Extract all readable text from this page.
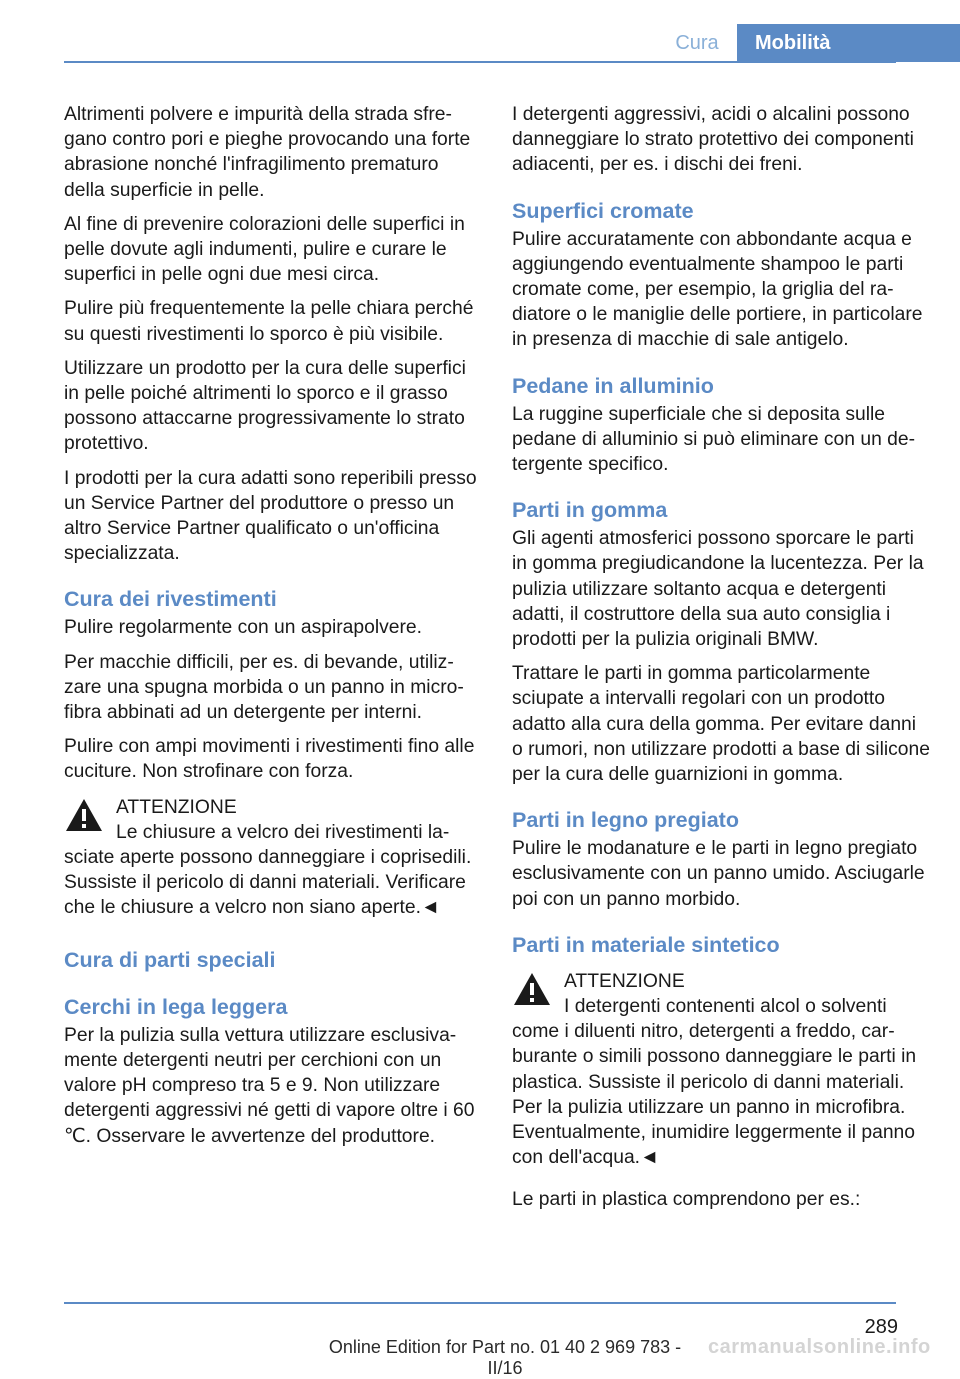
Cura	Mobilità

Altrimenti polvere e impurità della strada sfregano contro pori e pieghe provocando una forte abrasione nonché l'infragilimento prematuro della superficie in pelle.

Al fine di prevenire colorazioni delle superfici in pelle dovute agli indumenti, pulire e curare le superfici in pelle ogni due mesi circa.

Pulire più frequentemente la pelle chiara perché su questi rivestimenti lo sporco è più visibile.

Utilizzare un prodotto per la cura delle superfici in pelle poiché altrimenti lo sporco e il grasso possono attaccarne progressivamente lo strato protettivo.

I prodotti per la cura adatti sono reperibili presso un Service Partner del produttore o presso un altro Service Partner qualificato o un'officina specializzata.

Cura dei rivestimenti

Pulire regolarmente con un aspirapolvere.

Per macchie difficili, per es. di bevande, utilizzare una spugna morbida o un panno in microfibra abbinati ad un detergente per interni.

Pulire con ampi movimenti i rivestimenti fino alle cuciture. Non strofinare con forza.

ATTENZIONE

Le chiusure a velcro dei rivestimenti lasciate aperte possono danneggiare i coprisedili. Sussiste il pericolo di danni materiali. Verificare che le chiusure a velcro non siano aperte.◄

Cura di parti speciali
Cerchi in lega leggera

Per la pulizia sulla vettura utilizzare esclusivamente detergenti neutri per cerchioni con un valore pH compreso tra 5 e 9. Non utilizzare detergenti aggressivi né getti di vapore oltre i 60 ℃. Osservare le avvertenze del produttore.

I detergenti aggressivi, acidi o alcalini possono danneggiare lo strato protettivo dei componenti adiacenti, per es. i dischi dei freni.

Superfici cromate

Pulire accuratamente con abbondante acqua e aggiungendo eventualmente shampoo le parti cromate come, per esempio, la griglia del radiatore o le maniglie delle portiere, in particolare in presenza di macchie di sale antigelo.

Pedane in alluminio

La ruggine superficiale che si deposita sulle pedane di alluminio si può eliminare con un detergente specifico.

Parti in gomma

Gli agenti atmosferici possono sporcare le parti in gomma pregiudicandone la lucentezza. Per la pulizia utilizzare soltanto acqua e detergenti adatti, il costruttore della sua auto consiglia i prodotti per la pulizia originali BMW.

Trattare le parti in gomma particolarmente sciupate a intervalli regolari con un prodotto adatto alla cura della gomma. Per evitare danni o rumori, non utilizzare prodotti a base di silicone per la cura delle guarnizioni in gomma.

Parti in legno pregiato

Pulire le modanature e le parti in legno pregiato esclusivamente con un panno umido. Asciugarle poi con un panno morbido.

Parti in materiale sintetico
ATTENZIONE

I detergenti contenenti alcol o solventi come i diluenti nitro, detergenti a freddo, carburante o simili possono danneggiare le parti in plastica. Sussiste il pericolo di danni materiali. Per la pulizia utilizzare un panno in microfibra. Eventualmente, inumidire leggermente il panno con dell'acqua.◄

Le parti in plastica comprendono per es.:

289
Online Edition for Part no. 01 40 2 969 783 - II/16
carmanualsonline.info
